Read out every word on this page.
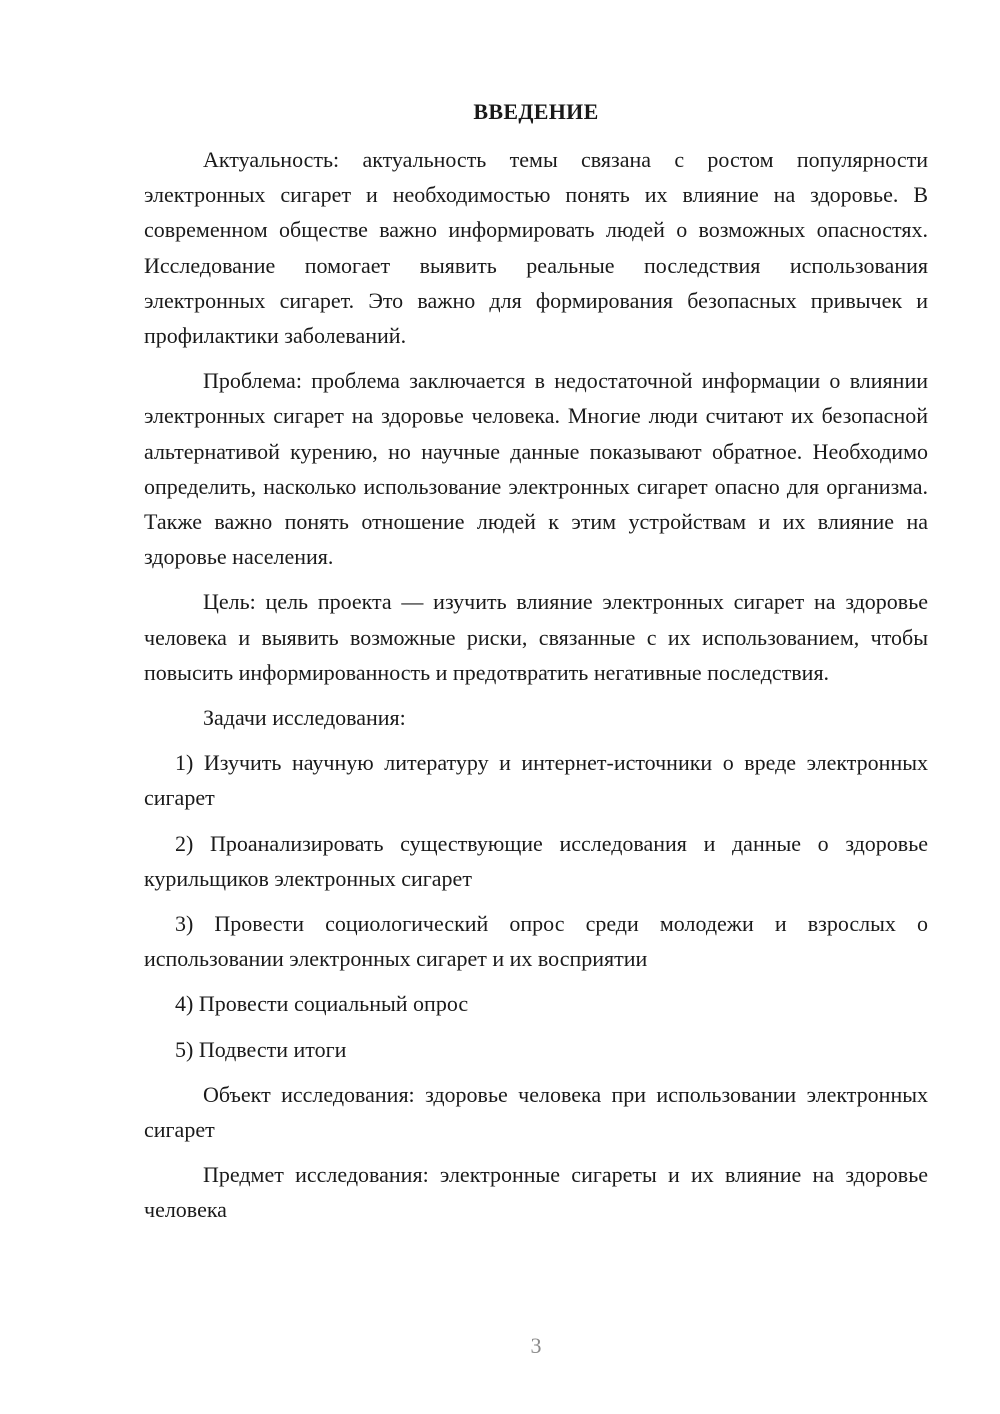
ВВЕДЕНИЕ

Актуальность: актуальность темы связана с ростом популярности электронных сигарет и необходимостью понять их влияние на здоровье. В современном обществе важно информировать людей о возможных опасностях. Исследование помогает выявить реальные последствия использования электронных сигарет. Это важно для формирования безопасных привычек и профилактики заболеваний.

Проблема: проблема заключается в недостаточной информации о влиянии электронных сигарет на здоровье человека. Многие люди считают их безопасной альтернативой курению, но научные данные показывают обратное. Необходимо определить, насколько использование электронных сигарет опасно для организма. Также важно понять отношение людей к этим устройствам и их влияние на здоровье населения.

Цель: цель проекта — изучить влияние электронных сигарет на здоровье человека и выявить возможные риски, связанные с их использованием, чтобы повысить информированность и предотвратить негативные последствия.

Задачи исследования:

1) Изучить научную литературу и интернет-источники о вреде электронных сигарет

2) Проанализировать существующие исследования и данные о здоровье курильщиков электронных сигарет

3) Провести социологический опрос среди молодежи и взрослых о использовании электронных сигарет и их восприятии

4) Провести социальный опрос

5) Подвести итоги

Объект исследования: здоровье человека при использовании электронных сигарет

Предмет исследования: электронные сигареты и их влияние на здоровье человека

3
